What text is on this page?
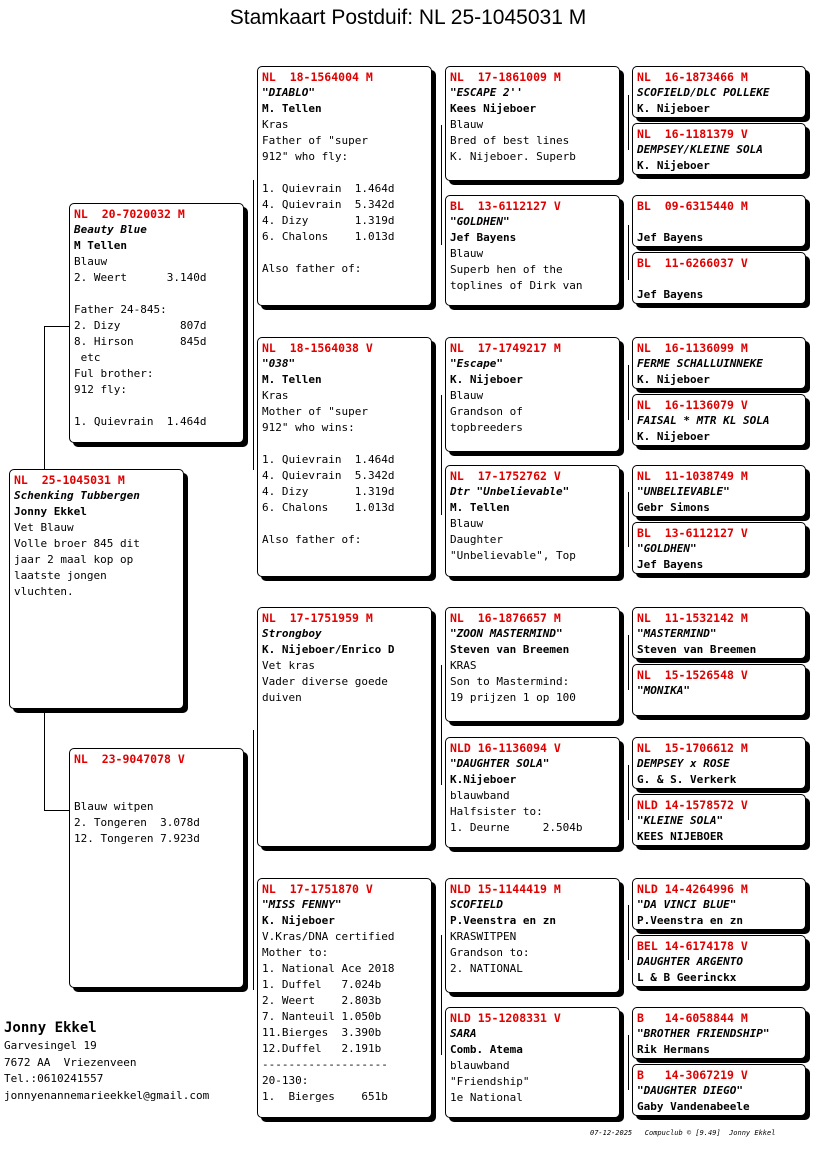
Stamkaart Postduif: NL 25-1045031 M
NL  25-1045031 M
Schenking Tubbergen
Jonny Ekkel
Vet Blauw
Volle broer 845 dit
jaar 2 maal kop op
laatste jongen
vluchten.
NL  20-7020032 M
Beauty Blue
M Tellen
Blauw
2. Weert      3.140d
Father 24-845:
2. Dizy         807d
8. Hirson       845d
etc
Ful brother:
912 fly:
1. Quievrain  1.464d
NL  23-9047078 V
Blauw witpen
2. Tongeren  3.078d
12. Tongeren 7.923d
NL  18-1564004 M
"DIABLO"
M. Tellen
Kras
Father of "super
912" who fly:
1. Quievrain  1.464d
4. Quievrain  5.342d
4. Dizy       1.319d
6. Chalons    1.013d
Also father of:
NL  18-1564038 V
"038"
M. Tellen
Kras
Mother of "super
912" who wins:
1. Quievrain  1.464d
4. Quievrain  5.342d
4. Dizy       1.319d
6. Chalons    1.013d
Also father of:
NL  17-1751959 M
Strongboy
K. Nijeboer/Enrico D
Vet kras
Vader diverse goede
duiven
NL  17-1751870 V
"MISS FENNY"
K. Nijeboer
V.Kras/DNA certified
Mother to:
1. National Ace 2018
1. Duffel   7.024b
2. Weert    2.803b
7. Nanteuil 1.050b
11.Bierges  3.390b
12.Duffel   2.191b
-------------------
20-130:
1.  Bierges    651b
NL  17-1861009 M
"ESCAPE 2''
Kees Nijeboer
Blauw
Bred of best lines
K. Nijeboer. Superb
BL  13-6112127 V
"GOLDHEN"
Jef Bayens
Blauw
Superb hen of the
toplines of Dirk van
NL  17-1749217 M
"Escape"
K. Nijeboer
Blauw
Grandson of
topbreeders
NL  17-1752762 V
Dtr "Unbelievable"
M. Tellen
Blauw
Daughter
"Unbelievable", Top
NL  16-1876657 M
"ZOON MASTERMIND"
Steven van Breemen
KRAS
Son to Mastermind:
19 prijzen 1 op 100
NLD 16-1136094 V
"DAUGHTER SOLA"
K.Nijeboer
blauwband
Halfsister to:
1. Deurne     2.504b
NLD 15-1144419 M
SCOFIELD
P.Veenstra en zn
KRASWITPEN
Grandson to:
2. NATIONAL
NLD 15-1208331 V
SARA
Comb. Atema
blauwband
"Friendship"
1e National
NL  16-1873466 M
SCOFIELD/DLC POLLEKE
K. Nijeboer
NL  16-1181379 V
DEMPSEY/KLEINE SOLA
K. Nijeboer
BL  09-6315440 M
Jef Bayens
BL  11-6266037 V
Jef Bayens
NL  16-1136099 M
FERME SCHALLUINNEKE
K. Nijeboer
NL  16-1136079 V
FAISAL * MTR KL SOLA
K. Nijeboer
NL  11-1038749 M
"UNBELIEVABLE"
Gebr Simons
BL  13-6112127 V
"GOLDHEN"
Jef Bayens
NL  11-1532142 M
"MASTERMIND"
Steven van Breemen
NL  15-1526548 V
"MONIKA"
NL  15-1706612 M
DEMPSEY x ROSE
G. & S. Verkerk
NLD 14-1578572 V
"KLEINE SOLA"
KEES NIJEBOER
NLD 14-4264996 M
"DA VINCI BLUE"
P.Veenstra en zn
BEL 14-6174178 V
DAUGHTER ARGENTO
L & B Geerinckx
B   14-6058844 M
"BROTHER FRIENDSHIP"
Rik Hermans
B   14-3067219 V
"DAUGHTER DIEGO"
Gaby Vandenabeele
Jonny Ekkel
Garvesingel 19
7672 AA  Vriezenveen
Tel.:0610241557
jonnyenannemarieekkel@gmail.com
07-12-2025   Compuclub © [9.49]  Jonny Ekkel
